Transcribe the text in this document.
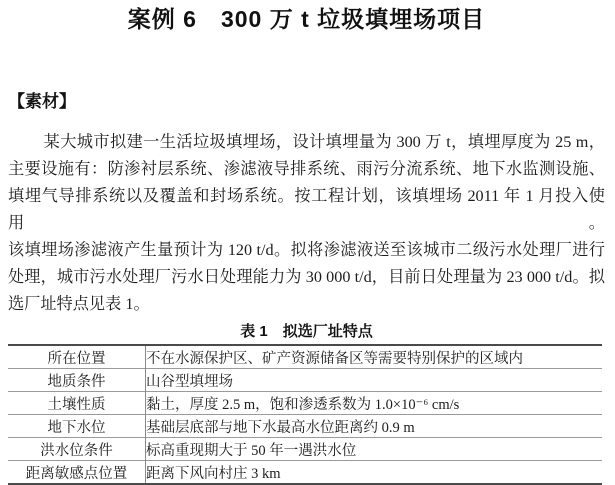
案例 6　300 万 t 垃圾填埋场项目
【素材】
某大城市拟建一生活垃圾填埋场，设计填埋量为 300 万 t，填埋厚度为 25 m，
主要设施有：防渗衬层系统、渗滤液导排系统、雨污分流系统、地下水监测设施、
填埋气导排系统以及覆盖和封场系统。按工程计划，该填埋场 2011 年 1 月投入使用。
该填埋场渗滤液产生量预计为 120 t/d。拟将渗滤液送至该城市二级污水处理厂进行
处理，城市污水处理厂污水日处理能力为 30 000 t/d，目前日处理量为 23 000 t/d。拟
选厂址特点见表 1。
表 1　拟选厂址特点
所在位置	不在水源保护区、矿产资源储备区等需要特别保护的区域内
地质条件	山谷型填埋场
土壤性质	黏土，厚度 2.5 m，饱和渗透系数为 1.0×10⁻⁶ cm/s
地下水位	基础层底部与地下水最高水位距离约 0.9 m
洪水位条件	标高重现期大于 50 年一遇洪水位
距离敏感点位置	距离下风向村庄 3 km
